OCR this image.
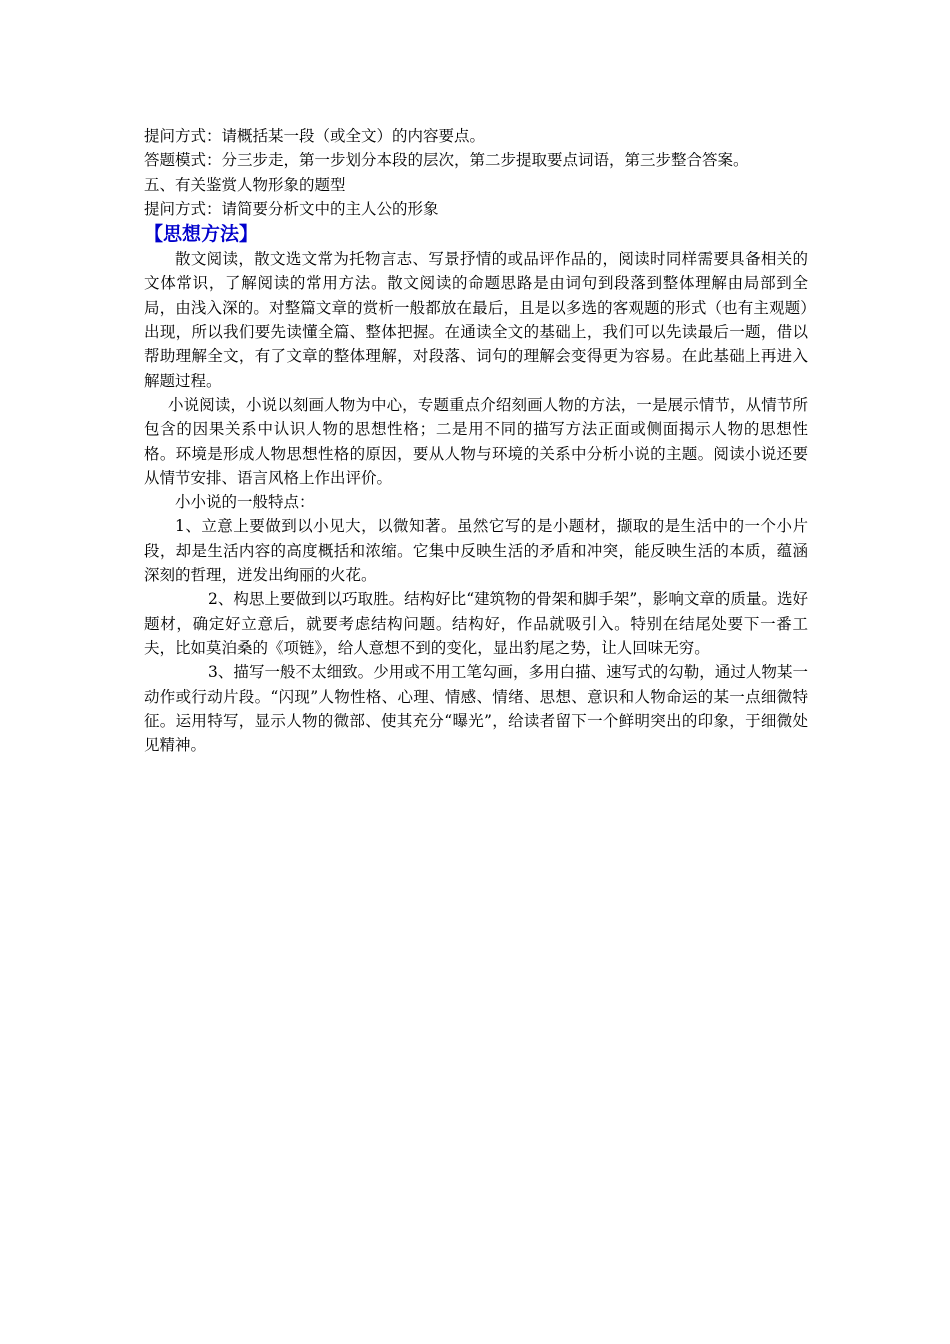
提问方式：请概括某一段（或全文）的内容要点。

答题模式：分三步走，第一步划分本段的层次，第二步提取要点词语，第三步整合答案。

五、有关鉴赏人物形象的题型

提问方式：请简要分析文中的主人公的形象

【思想方法】

散文阅读，散文选文常为托物言志、写景抒情的或品评作品的，阅读时同样需要具备相关的文体常识，了解阅读的常用方法。散文阅读的命题思路是由词句到段落到整体理解由局部到全局，由浅入深的。对整篇文章的赏析一般都放在最后，且是以多选的客观题的形式（也有主观题）出现，所以我们要先读懂全篇、整体把握。在通读全文的基础上，我们可以先读最后一题，借以帮助理解全文，有了文章的整体理解，对段落、词句的理解会变得更为容易。在此基础上再进入解题过程。

小说阅读，小说以刻画人物为中心，专题重点介绍刻画人物的方法，一是展示情节，从情节所包含的因果关系中认识人物的思想性格；二是用不同的描写方法正面或侧面揭示人物的思想性格。环境是形成人物思想性格的原因，要从人物与环境的关系中分析小说的主题。阅读小说还要从情节安排、语言风格上作出评价。

小小说的一般特点：

1、立意上要做到以小见大，以微知著。虽然它写的是小题材，撷取的是生活中的一个小片段，却是生活内容的高度概括和浓缩。它集中反映生活的矛盾和冲突，能反映生活的本质，蕴涵深刻的哲理，迸发出绚丽的火花。

2、构思上要做到以巧取胜。结构好比“建筑物的骨架和脚手架”，影响文章的质量。选好题材，确定好立意后，就要考虑结构问题。结构好，作品就吸引入。特别在结尾处要下一番工夫，比如莫泊桑的《项链》，给人意想不到的变化，显出豹尾之势，让人回味无穷。

3、描写一般不太细致。少用或不用工笔勾画，多用白描、速写式的勾勒，通过人物某一动作或行动片段。“闪现”人物性格、心理、情感、情绪、思想、意识和人物命运的某一点细微特征。运用特写，显示人物的微部、使其充分“曝光”，给读者留下一个鲜明突出的印象，于细微处见精神。
